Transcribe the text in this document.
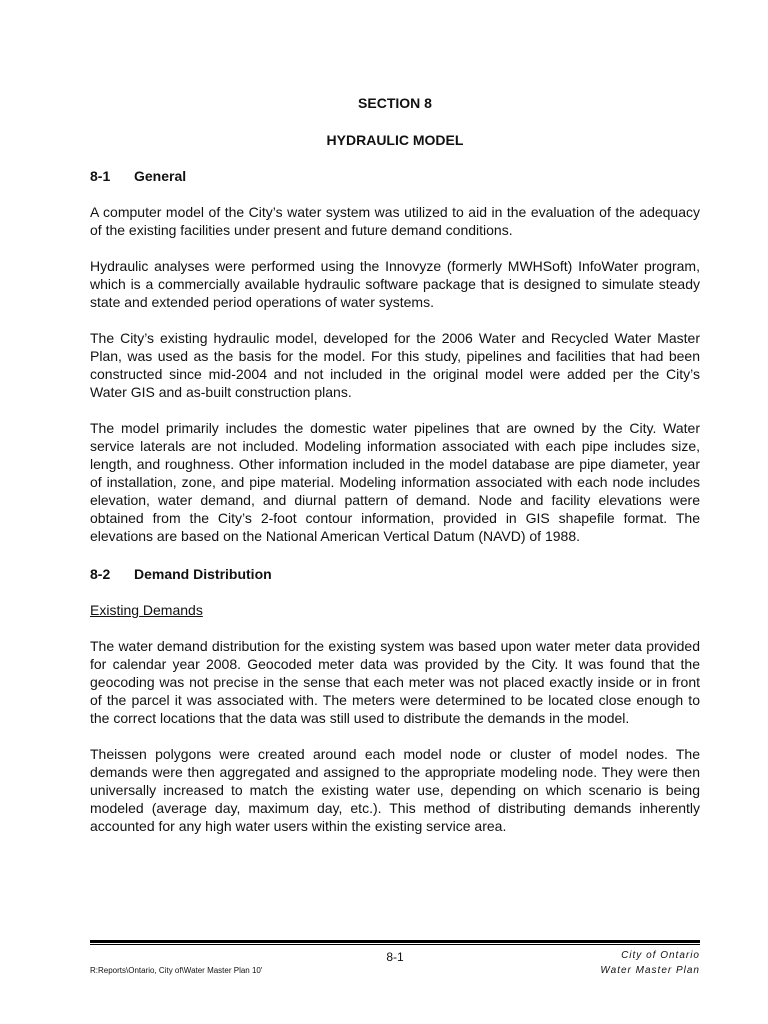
SECTION 8
HYDRAULIC MODEL
8-1 General

A computer model of the City’s water system was utilized to aid in the evaluation of the adequacy of the existing facilities under present and future demand conditions.

Hydraulic analyses were performed using the Innovyze (formerly MWHSoft) InfoWater program, which is a commercially available hydraulic software package that is designed to simulate steady state and extended period operations of water systems.

The City’s existing hydraulic model, developed for the 2006 Water and Recycled Water Master Plan, was used as the basis for the model. For this study, pipelines and facilities that had been constructed since mid-2004 and not included in the original model were added per the City’s Water GIS and as-built construction plans.

The model primarily includes the domestic water pipelines that are owned by the City. Water service laterals are not included. Modeling information associated with each pipe includes size, length, and roughness. Other information included in the model database are pipe diameter, year of installation, zone, and pipe material. Modeling information associated with each node includes elevation, water demand, and diurnal pattern of demand. Node and facility elevations were obtained from the City’s 2-foot contour information, provided in GIS shapefile format. The elevations are based on the National American Vertical Datum (NAVD) of 1988.

8-2 Demand Distribution
Existing Demands

The water demand distribution for the existing system was based upon water meter data provided for calendar year 2008. Geocoded meter data was provided by the City. It was found that the geocoding was not precise in the sense that each meter was not placed exactly inside or in front of the parcel it was associated with. The meters were determined to be located close enough to the correct locations that the data was still used to distribute the demands in the model.

Theissen polygons were created around each model node or cluster of model nodes. The demands were then aggregated and assigned to the appropriate modeling node. They were then universally increased to match the existing water use, depending on which scenario is being modeled (average day, maximum day, etc.). This method of distributing demands inherently accounted for any high water users within the existing service area.

8-1	City of Ontario
Water Master Plan
R:Reports\Ontario, City of\Water Master Plan 10'
